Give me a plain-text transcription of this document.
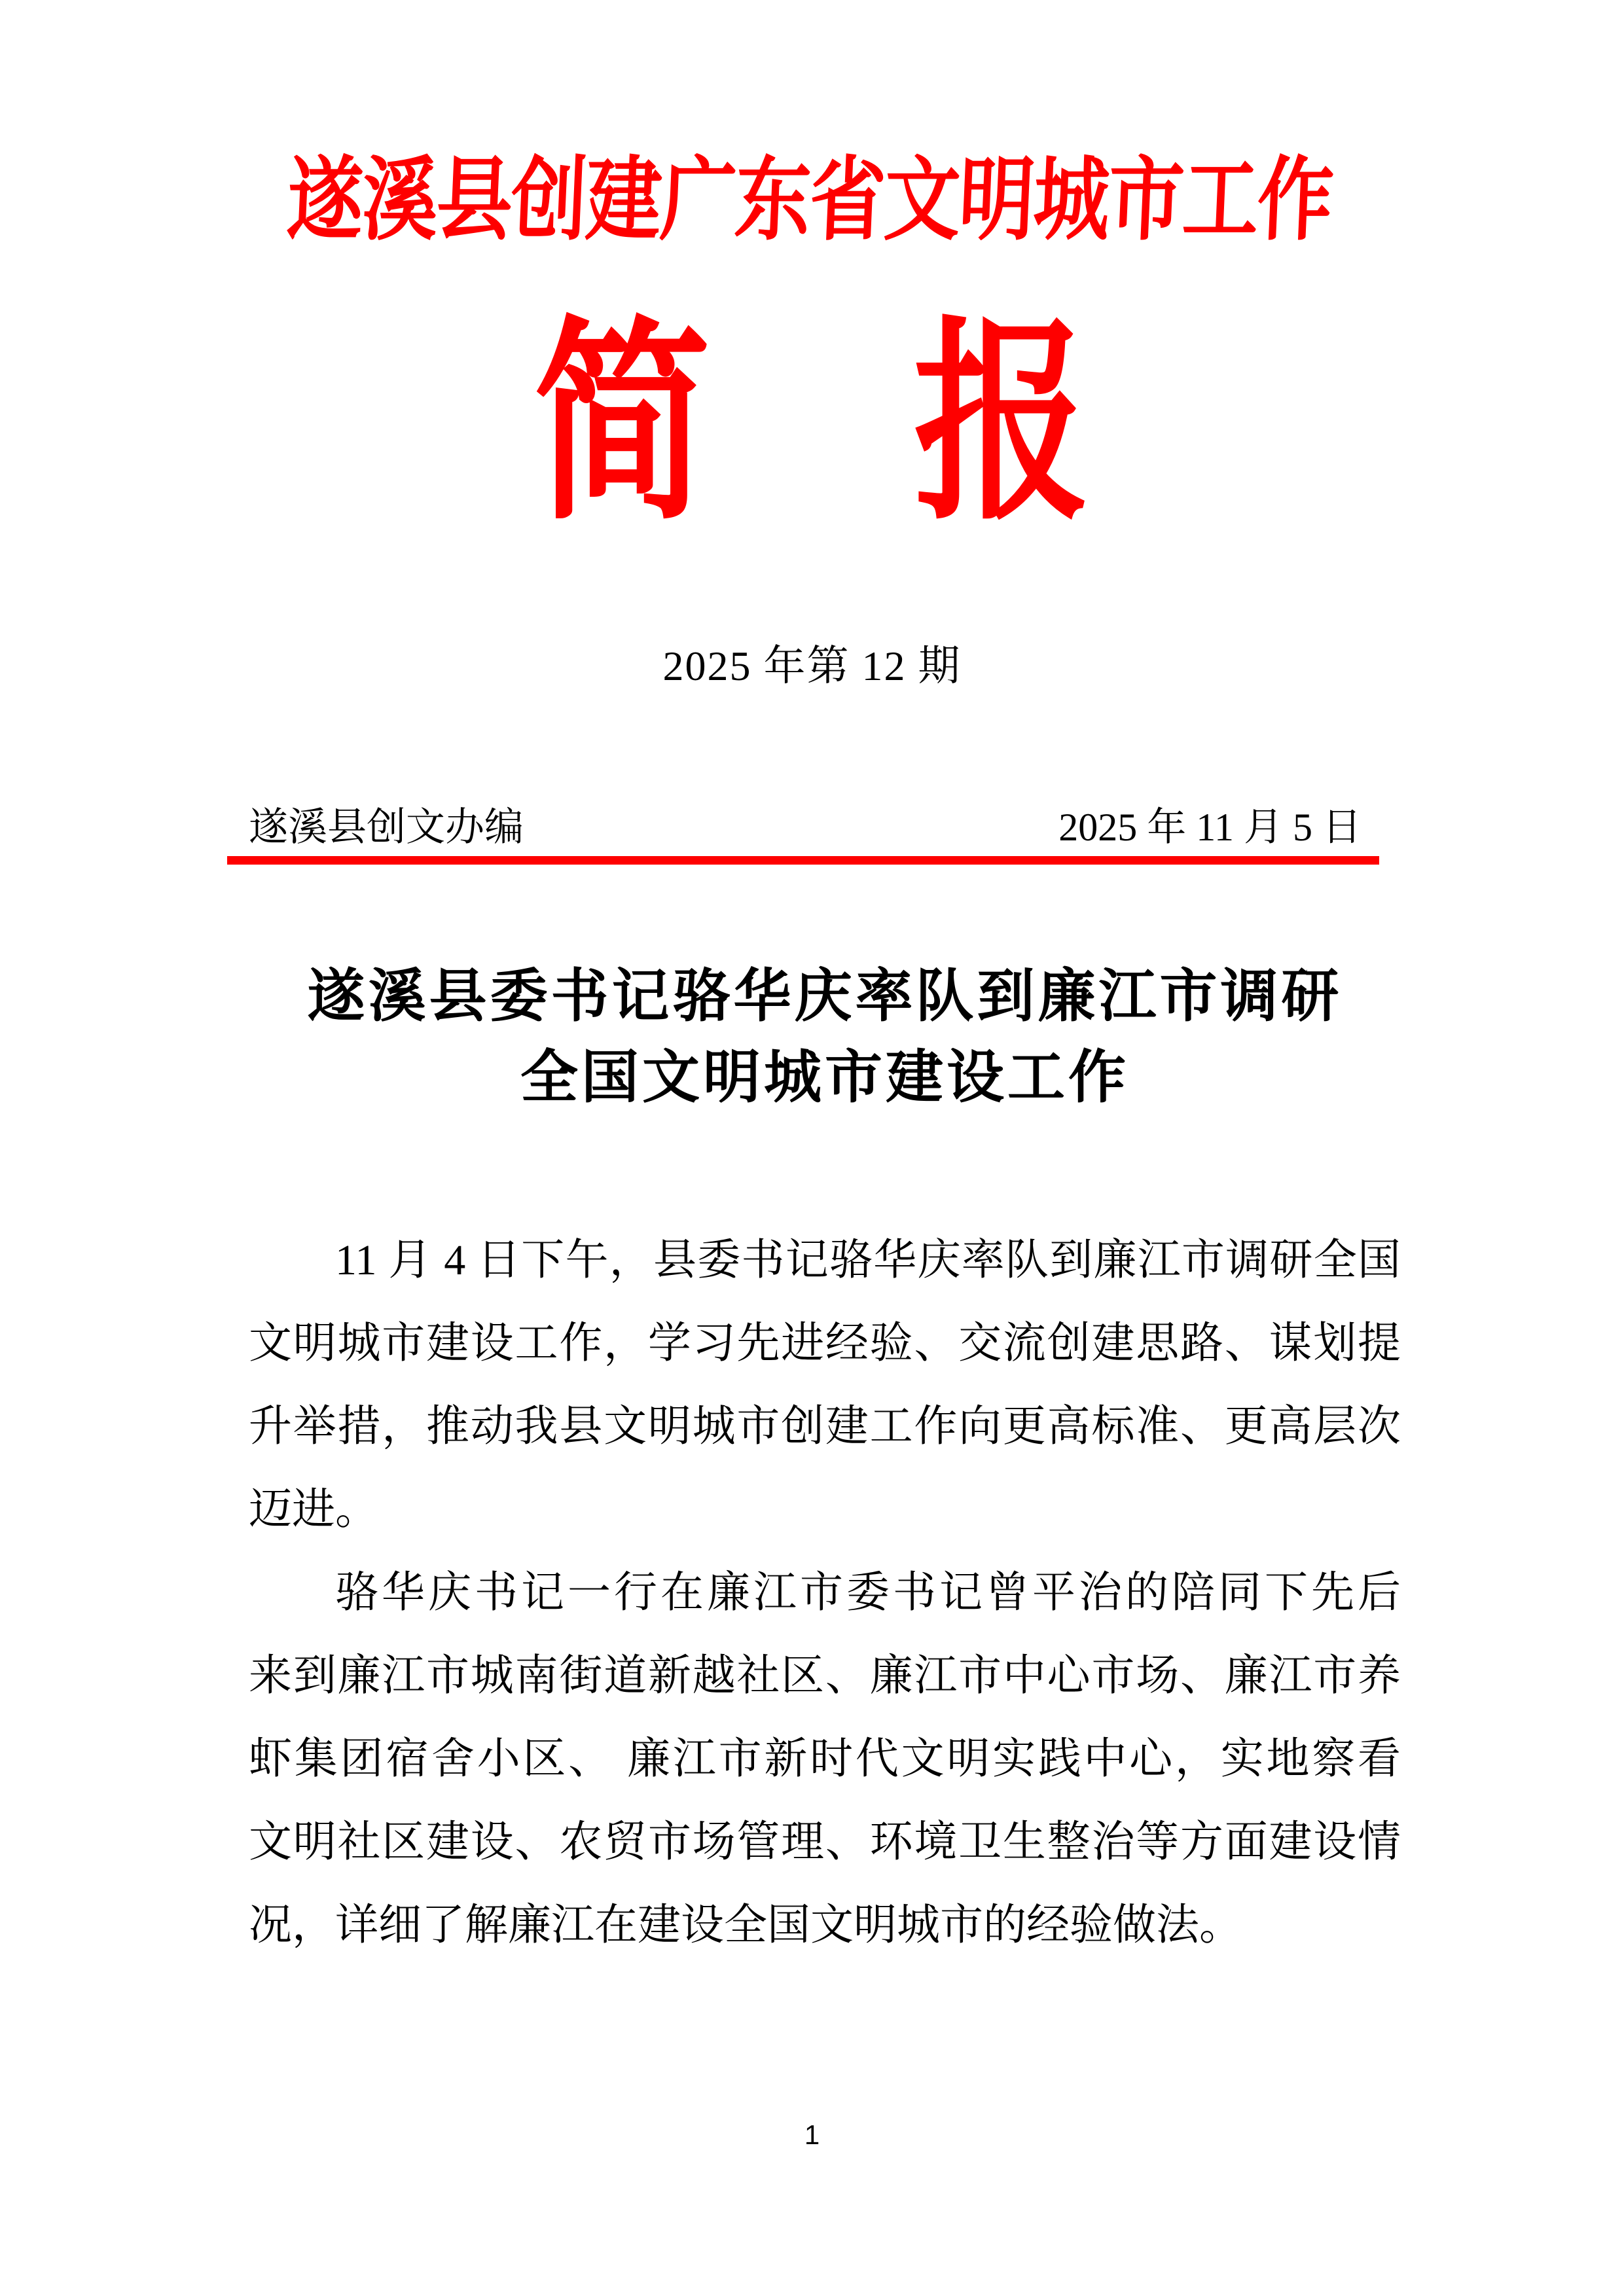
遂溪县创建广东省文明城市工作
简 报
2025 年第 12 期
遂溪县创文办编	2025 年 11 月 5 日
遂溪县委书记骆华庆率队到廉江市调研
全国文明城市建设工作
11 月 4 日下午，县委书记骆华庆率队到廉江市调研全国
文明城市建设工作，学习先进经验、交流创建思路、谋划提
升举措，推动我县文明城市创建工作向更高标准、更高层次
迈进。
骆华庆书记一行在廉江市委书记曾平治的陪同下先后
来到廉江市城南街道新越社区、廉江市中心市场、廉江市养
虾集团宿舍小区、 廉江市新时代文明实践中心，实地察看
文明社区建设、农贸市场管理、环境卫生整治等方面建设情
况，详细了解廉江在建设全国文明城市的经验做法。
1
